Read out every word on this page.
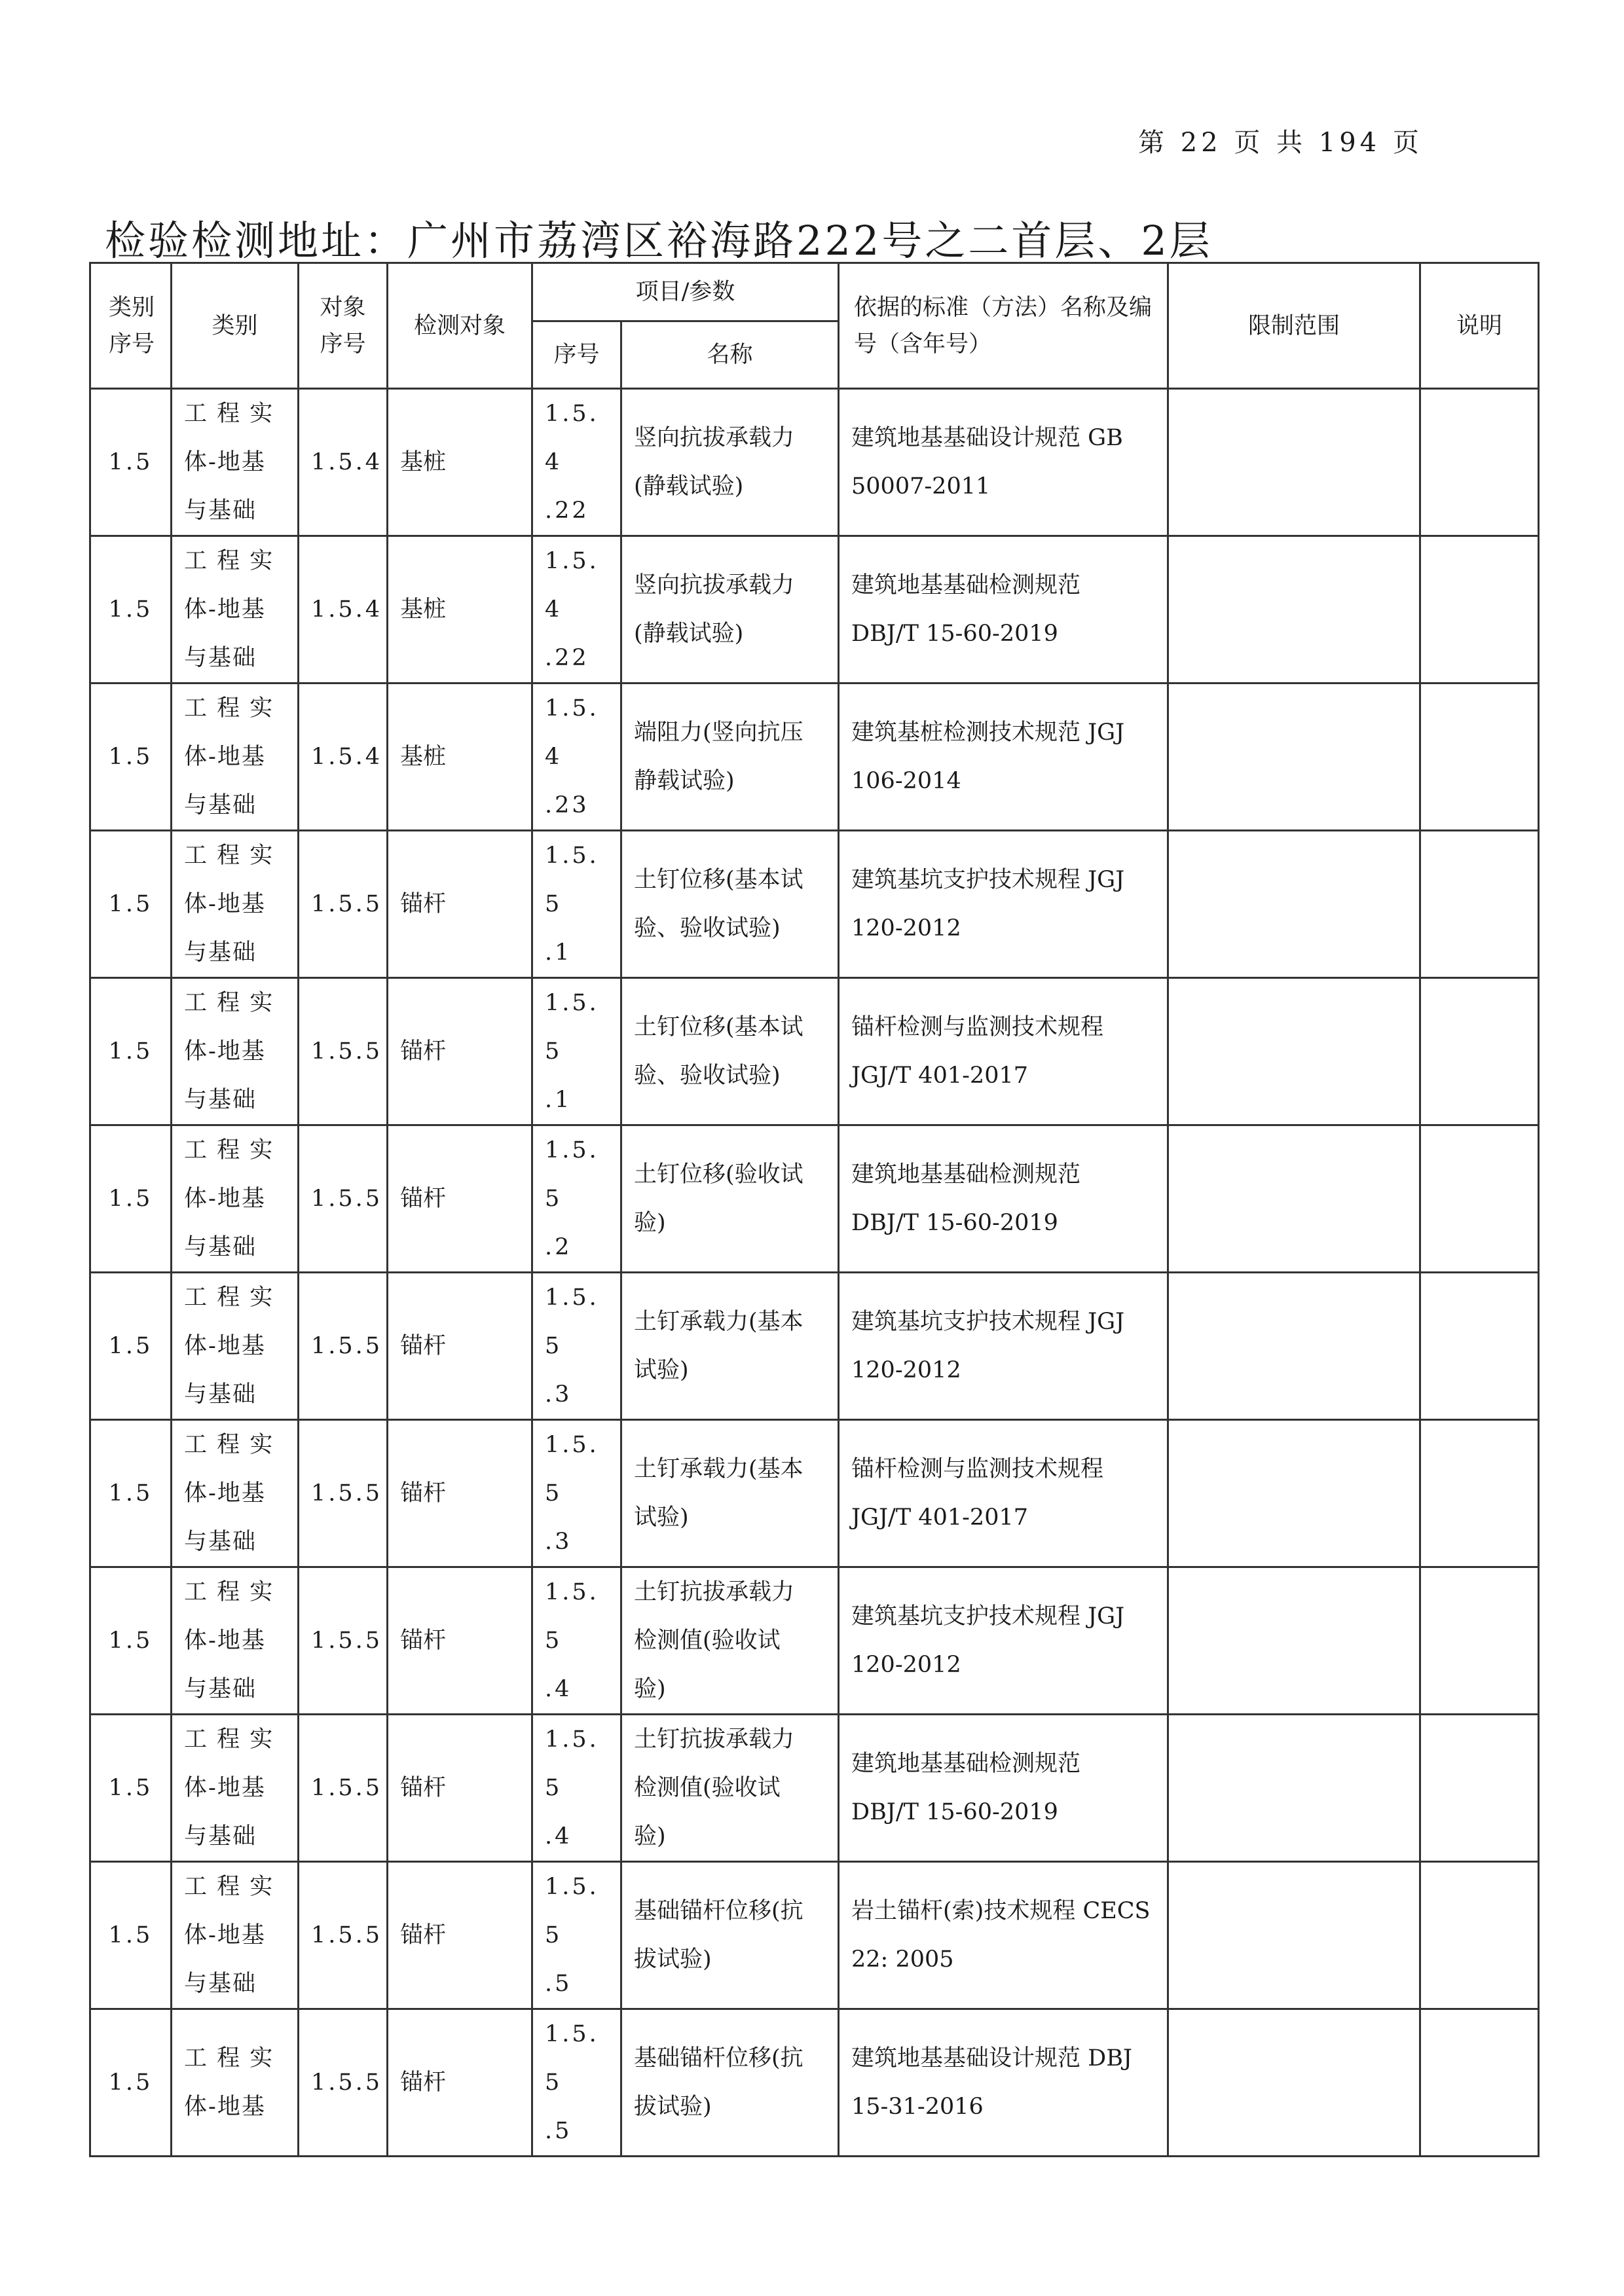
第 22 页 共 194 页
检验检测地址：广州市荔湾区裕海路222号之二首层、2层
类别序号	类别	对象序号	检测对象	项目/参数		依据的标准（方法）名称及编号（含年号）	限制范围	说明
				序号	名称			
1.5	工 程 实
体-地基
与基础	1.5.4	基桩	1.5.4
.22	竖向抗拔承载力
(静载试验)	建筑地基基础设计规范 GB
50007-2011		

1.5	工 程 实
体-地基
与基础	1.5.4	基桩	1.5.4
.22	竖向抗拔承载力
(静载试验)	建筑地基基础检测规范
DBJ/T 15-60-2019		

1.5	工 程 实
体-地基
与基础	1.5.4	基桩	1.5.4
.23	端阻力(竖向抗压
静载试验)	建筑基桩检测技术规范 JGJ
106-2014		

1.5	工 程 实
体-地基
与基础	1.5.5	锚杆	1.5.5
.1	土钉位移(基本试
验、验收试验)	建筑基坑支护技术规程 JGJ
120-2012		

1.5	工 程 实
体-地基
与基础	1.5.5	锚杆	1.5.5
.1	土钉位移(基本试
验、验收试验)	锚杆检测与监测技术规程
JGJ/T 401-2017		

1.5	工 程 实
体-地基
与基础	1.5.5	锚杆	1.5.5
.2	土钉位移(验收试
验)	建筑地基基础检测规范
DBJ/T 15-60-2019		

1.5	工 程 实
体-地基
与基础	1.5.5	锚杆	1.5.5
.3	土钉承载力(基本
试验)	建筑基坑支护技术规程 JGJ
120-2012		

1.5	工 程 实
体-地基
与基础	1.5.5	锚杆	1.5.5
.3	土钉承载力(基本
试验)	锚杆检测与监测技术规程
JGJ/T 401-2017		

1.5	工 程 实
体-地基
与基础	1.5.5	锚杆	1.5.5
.4	土钉抗拔承载力
检测值(验收试
验)	建筑基坑支护技术规程 JGJ
120-2012		

1.5	工 程 实
体-地基
与基础	1.5.5	锚杆	1.5.5
.4	土钉抗拔承载力
检测值(验收试
验)	建筑地基基础检测规范
DBJ/T 15-60-2019		

1.5	工 程 实
体-地基
与基础	1.5.5	锚杆	1.5.5
.5	基础锚杆位移(抗
拔试验)	岩土锚杆(索)技术规程 CECS
22: 2005		

1.5	工 程 实
体-地基	1.5.5	锚杆	1.5.5
.5	基础锚杆位移(抗
拔试验)	建筑地基基础设计规范 DBJ
15-31-2016		
